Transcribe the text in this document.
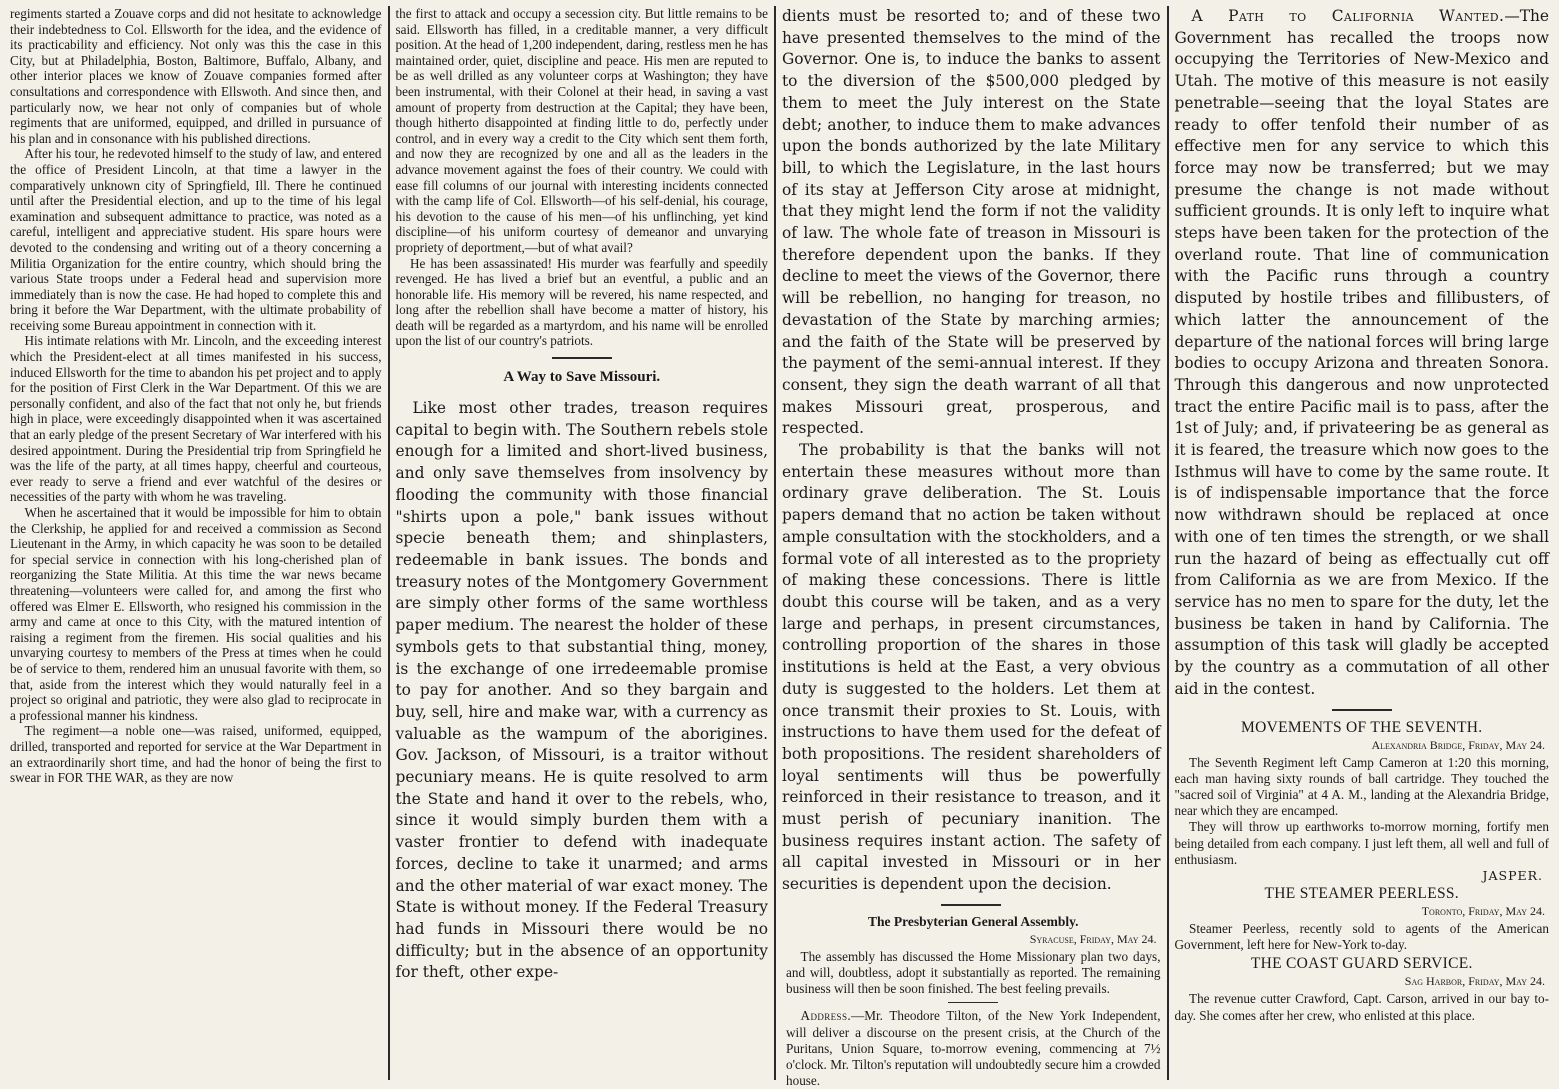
regiments started a Zouave corps and did not hesitate to acknowledge their indebtedness to Col. Ellsworth for the idea, and the evidence of its practicability and efficiency. Not only was this the case in this City, but at Philadelphia, Boston, Baltimore, Buffalo, Albany, and other interior places we know of Zouave companies formed after consultations and correspondence with Ellswoth. And since then, and particularly now, we hear not only of companies but of whole regiments that are uniformed, equipped, and drilled in pursuance of his plan and in consonance with his published directions.

After his tour, he redevoted himself to the study of law, and entered the office of President Lincoln, at that time a lawyer in the comparatively unknown city of Springfield, Ill. There he continued until after the Presidential election, and up to the time of his legal examination and subsequent admittance to practice, was noted as a careful, intelligent and appreciative student. His spare hours were devoted to the condensing and writing out of a theory concerning a Militia Organization for the entire country, which should bring the various State troops under a Federal head and supervision more immediately than is now the case. He had hoped to complete this and bring it before the War Department, with the ultimate probability of receiving some Bureau appointment in connection with it.

His intimate relations with Mr. Lincoln, and the exceeding interest which the President-elect at all times manifested in his success, induced Ellsworth for the time to abandon his pet project and to apply for the position of First Clerk in the War Department. Of this we are personally confident, and also of the fact that not only he, but friends high in place, were exceedingly disappointed when it was ascertained that an early pledge of the present Secretary of War interfered with his desired appointment. During the Presidential trip from Springfield he was the life of the party, at all times happy, cheerful and courteous, ever ready to serve a friend and ever watchful of the desires or necessities of the party with whom he was traveling.

When he ascertained that it would be impossible for him to obtain the Clerkship, he applied for and received a commission as Second Lieutenant in the Army, in which capacity he was soon to be detailed for special service in connection with his long-cherished plan of reorganizing the State Militia. At this time the war news became threatening—volunteers were called for, and among the first who offered was Elmer E. Ellsworth, who resigned his commission in the army and came at once to this City, with the matured intention of raising a regiment from the firemen. His social qualities and his unvarying courtesy to members of the Press at times when he could be of service to them, rendered him an unusual favorite with them, so that, aside from the interest which they would naturally feel in a project so original and patriotic, they were also glad to reciprocate in a professional manner his kindness.

The regiment—a noble one—was raised, uniformed, equipped, drilled, transported and reported for service at the War Department in an extraordinarily short time, and had the honor of being the first to swear in FOR THE WAR, as they are now

the first to attack and occupy a secession city. But little remains to be said. Ellsworth has filled, in a creditable manner, a very difficult position. At the head of 1,200 independent, daring, restless men he has maintained order, quiet, discipline and peace. His men are reputed to be as well drilled as any volunteer corps at Washington; they have been instrumental, with their Colonel at their head, in saving a vast amount of property from destruction at the Capital; they have been, though hitherto disappointed at finding little to do, perfectly under control, and in every way a credit to the City which sent them forth, and now they are recognized by one and all as the leaders in the advance movement against the foes of their country. We could with ease fill columns of our journal with interesting incidents connected with the camp life of Col. Ellsworth—of his self-denial, his courage, his devotion to the cause of his men—of his unflinching, yet kind discipline—of his uniform courtesy of demeanor and unvarying propriety of deportment,—but of what avail?

He has been assassinated! His murder was fearfully and speedily revenged. He has lived a brief but an eventful, a public and an honorable life. His memory will be revered, his name respected, and long after the rebellion shall have become a matter of history, his death will be regarded as a martyrdom, and his name will be enrolled upon the list of our country's patriots.

A Way to Save Missouri.

Like most other trades, treason requires capital to begin with. The Southern rebels stole enough for a limited and short-lived business, and only save themselves from insolvency by flooding the community with those financial "shirts upon a pole," bank issues without specie beneath them; and shinplasters, redeemable in bank issues. The bonds and treasury notes of the Montgomery Government are simply other forms of the same worthless paper medium. The nearest the holder of these symbols gets to that substantial thing, money, is the exchange of one irredeemable promise to pay for another. And so they bargain and buy, sell, hire and make war, with a currency as valuable as the wampum of the aborigines. Gov. Jackson, of Missouri, is a traitor without pecuniary means. He is quite resolved to arm the State and hand it over to the rebels, who, since it would simply burden them with a vaster frontier to defend with inadequate forces, decline to take it unarmed; and arms and the other material of war exact money. The State is without money. If the Federal Treasury had funds in Missouri there would be no difficulty; but in the absence of an opportunity for theft, other expe-

dients must be resorted to; and of these two have presented themselves to the mind of the Governor. One is, to induce the banks to assent to the diversion of the $500,000 pledged by them to meet the July interest on the State debt; another, to induce them to make advances upon the bonds authorized by the late Military bill, to which the Legislature, in the last hours of its stay at Jefferson City arose at midnight, that they might lend the form if not the validity of law. The whole fate of treason in Missouri is therefore dependent upon the banks. If they decline to meet the views of the Governor, there will be rebellion, no hanging for treason, no devastation of the State by marching armies; and the faith of the State will be preserved by the payment of the semi-annual interest. If they consent, they sign the death warrant of all that makes Missouri great, prosperous, and respected.

The probability is that the banks will not entertain these measures without more than ordinary grave deliberation. The St. Louis papers demand that no action be taken without ample consultation with the stockholders, and a formal vote of all interested as to the propriety of making these concessions. There is little doubt this course will be taken, and as a very large and perhaps, in present circumstances, controlling proportion of the shares in those institutions is held at the East, a very obvious duty is suggested to the holders. Let them at once transmit their proxies to St. Louis, with instructions to have them used for the defeat of both propositions. The resident shareholders of loyal sentiments will thus be powerfully reinforced in their resistance to treason, and it must perish of pecuniary inanition. The business requires instant action. The safety of all capital invested in Missouri or in her securities is dependent upon the decision.

The Presbyterian General Assembly.
Syracuse, Friday, May 24.

The assembly has discussed the Home Missionary plan two days, and will, doubtless, adopt it substantially as reported. The remaining business will then be soon finished. The best feeling prevails.

Address.—Mr. Theodore Tilton, of the New York Independent, will deliver a discourse on the present crisis, at the Church of the Puritans, Union Square, to-morrow evening, commencing at 7½ o'clock. Mr. Tilton's reputation will undoubtedly secure him a crowded house.

A Path to California Wanted.—The Government has recalled the troops now occupying the Territories of New-Mexico and Utah. The motive of this measure is not easily penetrable—seeing that the loyal States are ready to offer tenfold their number of as effective men for any service to which this force may now be transferred; but we may presume the change is not made without sufficient grounds. It is only left to inquire what steps have been taken for the protection of the overland route. That line of communication with the Pacific runs through a country disputed by hostile tribes and fillibusters, of which latter the announcement of the departure of the national forces will bring large bodies to occupy Arizona and threaten Sonora. Through this dangerous and now unprotected tract the entire Pacific mail is to pass, after the 1st of July; and, if privateering be as general as it is feared, the treasure which now goes to the Isthmus will have to come by the same route. It is of indispensable importance that the force now withdrawn should be replaced at once with one of ten times the strength, or we shall run the hazard of being as effectually cut off from California as we are from Mexico. If the service has no men to spare for the duty, let the business be taken in hand by California. The assumption of this task will gladly be accepted by the country as a commutation of all other aid in the contest.

MOVEMENTS OF THE SEVENTH.
Alexandria Bridge, Friday, May 24.

The Seventh Regiment left Camp Cameron at 1:20 this morning, each man having sixty rounds of ball cartridge. They touched the "sacred soil of Virginia" at 4 A. M., landing at the Alexandria Bridge, near which they are encamped.

They will throw up earthworks to-morrow morning, fortify men being detailed from each company. I just left them, all well and full of enthusiasm.

JASPER.
THE STEAMER PEERLESS.
Toronto, Friday, May 24.

Steamer Peerless, recently sold to agents of the American Government, left here for New-York to-day.

THE COAST GUARD SERVICE.
Sag Harbor, Friday, May 24.

The revenue cutter Crawford, Capt. Carson, arrived in our bay to-day. She comes after her crew, who enlisted at this place.
